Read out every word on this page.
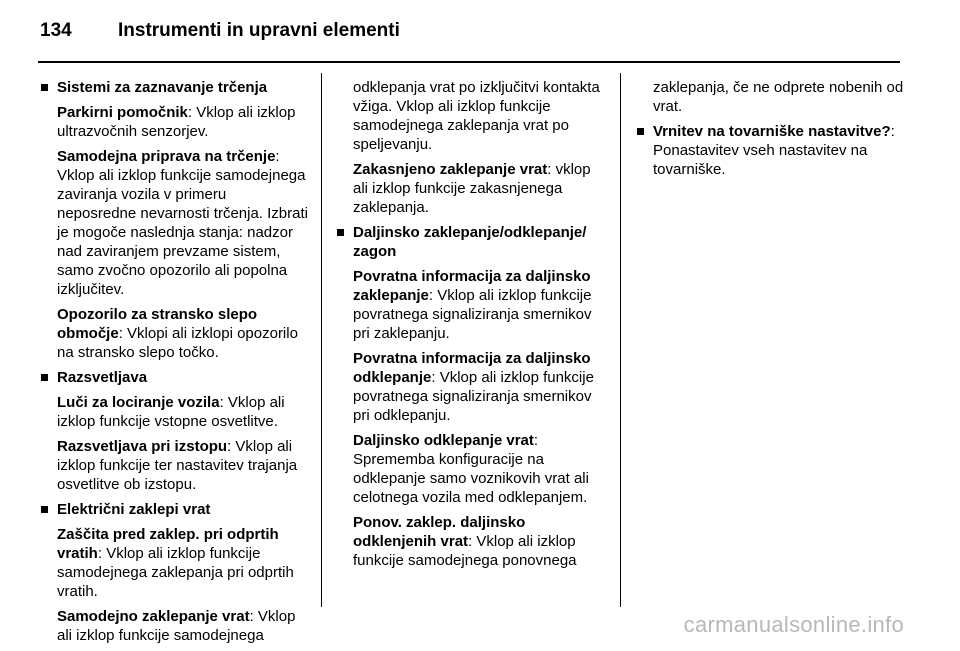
134 Instrumenti in upravni elementi
Sistemi za zaznavanje trčenja
Parkirni pomočnik: Vklop ali izklop ultrazvočnih senzorjev.
Samodejna priprava na trčenje: Vklop ali izklop funkcije samodejnega zaviranja vozila v primeru neposredne nevarnosti trčenja. Izbrati je mogoče naslednja stanja: nadzor nad zaviranjem prevzame sistem, samo zvočno opozorilo ali popolna izključitev.
Opozorilo za stransko slepo območje: Vklopi ali izklopi opozorilo na stransko slepo točko.
Razsvetljava
Luči za lociranje vozila: Vklop ali izklop funkcije vstopne osvetlitve.
Razsvetljava pri izstopu: Vklop ali izklop funkcije ter nastavitev trajanja osvetlitve ob izstopu.
Električni zaklepi vrat
Zaščita pred zaklep. pri odprtih vratih: Vklop ali izklop funkcije samodejnega zaklepanja pri odprtih vratih.
Samodejno zaklepanje vrat: Vklop ali izklop funkcije samodejnega
odklepanja vrat po izključitvi kontakta vžiga. Vklop ali izklop funkcije samodejnega zaklepanja vrat po speljevanju.
Zakasnjeno zaklepanje vrat: vklop ali izklop funkcije zakasnjenega zaklepanja.
Daljinsko zaklepanje/odklepanje/ zagon
Povratna informacija za daljinsko zaklepanje: Vklop ali izklop funkcije povratnega signaliziranja smernikov pri zaklepanju.
Povratna informacija za daljinsko odklepanje: Vklop ali izklop funkcije povratnega signaliziranja smernikov pri odklepanju.
Daljinsko odklepanje vrat: Sprememba konfiguracije na odklepanje samo voznikovih vrat ali celotnega vozila med odklepanjem.
Ponov. zaklep. daljinsko odklenjenih vrat: Vklop ali izklop funkcije samodejnega ponovnega
zaklepanja, če ne odprete nobenih od vrat.
Vrnitev na tovarniške nastavitve?: Ponastavitev vseh nastavitev na tovarniške.
carmanualsonline.info
